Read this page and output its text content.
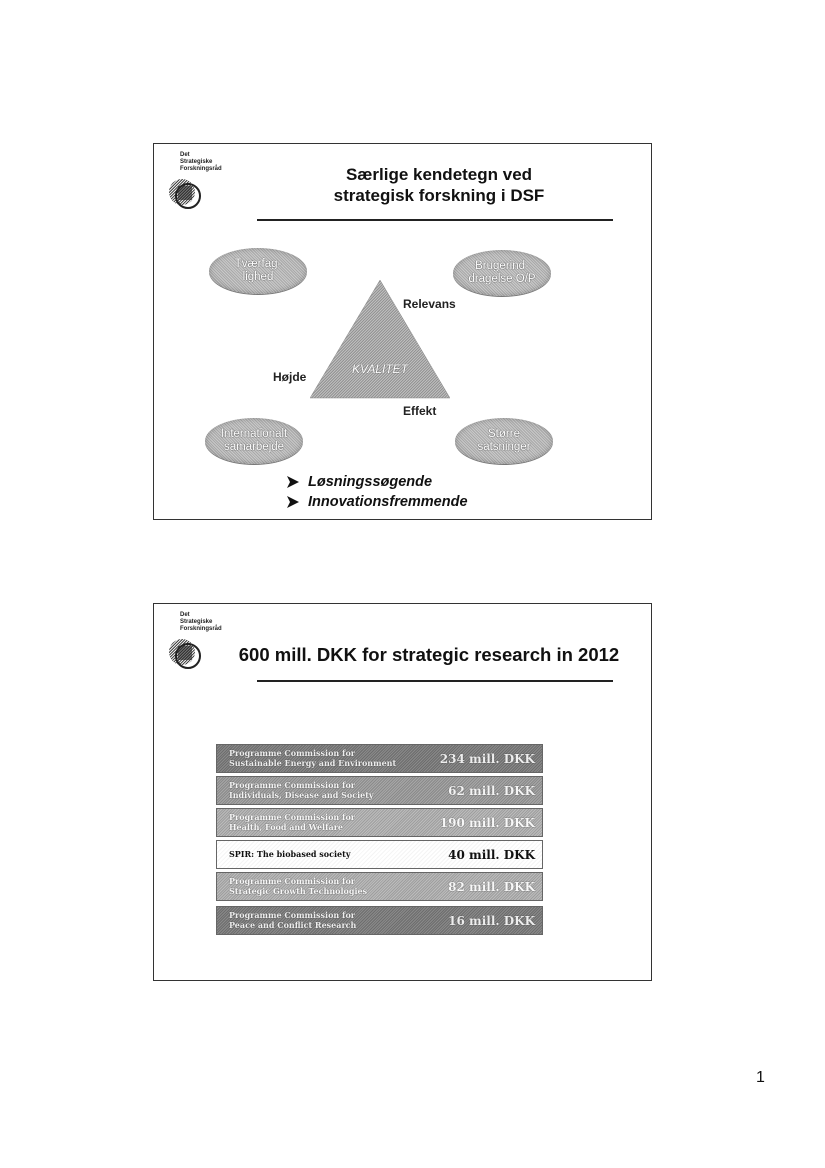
Det
Strategiske
Forskningsråd	Særlige kendetegn ved
strategisk forskning i DSF
Tværfag-
lighed
Brugerind-
dragelse O/P
Internationalt
samarbejde
Større
satsninger
KVALITET
Relevans
Højde
Effekt
Løsningssøgende
Innovationsfremmende
Det
Strategiske
Forskningsråd
600 mill. DKK for strategic research in 2012
Programme Commission for
Sustainable Energy and Environment	234 mill. DKK
Programme Commission for
Individuals, Disease and Society	62 mill. DKK
Programme Commission for
Health, Food and Welfare	190 mill. DKK
SPIR: The biobased society	40 mill. DKK
Programme Commission for
Strategic Growth Technologies	82 mill. DKK
Programme Commission for
Peace and Conflict Research	16 mill. DKK
1
